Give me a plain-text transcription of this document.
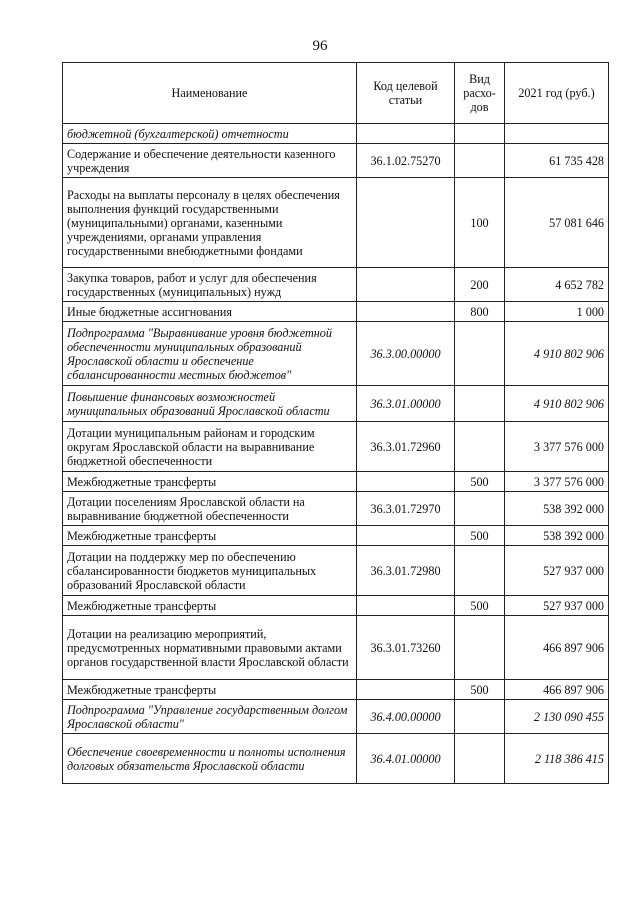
96
Наименование	Код целевой статьи	Вид расхо-дов	2021 год (руб.)
бюджетной (бухгалтерской) отчетности			
Содержание и обеспечение деятельности казенного учреждения	36.1.02.75270		61 735 428
Расходы на выплаты персоналу в целях обеспечения выполнения функций государственными (муниципальными) органами, казенными учреждениями, органами управления государственными внебюджетными фондами		100	57 081 646
Закупка товаров, работ и услуг для обеспечения государственных (муниципальных) нужд		200	4 652 782
Иные бюджетные ассигнования		800	1 000
Подпрограмма "Выравнивание уровня бюджетной обеспеченности муниципальных образований Ярославской области и обеспечение сбалансированности местных бюджетов"	36.3.00.00000		4 910 802 906
Повышение финансовых возможностей муниципальных образований Ярославской области	36.3.01.00000		4 910 802 906
Дотации муниципальным районам и городским округам Ярославской области на выравнивание бюджетной обеспеченности	36.3.01.72960		3 377 576 000
Межбюджетные трансферты		500	3 377 576 000
Дотации поселениям Ярославской области на выравнивание бюджетной обеспеченности	36.3.01.72970		538 392 000
Межбюджетные трансферты		500	538 392 000
Дотации на поддержку мер по обеспечению сбалансированности бюджетов муниципальных образований Ярославской области	36.3.01.72980		527 937 000
Межбюджетные трансферты		500	527 937 000
Дотации на реализацию мероприятий, предусмотренных нормативными правовыми актами органов государственной власти Ярославской области	36.3.01.73260		466 897 906
Межбюджетные трансферты		500	466 897 906
Подпрограмма "Управление государственным долгом Ярославской области"	36.4.00.00000		2 130 090 455
Обеспечение своевременности и полноты исполнения долговых обязательств Ярославской области	36.4.01.00000		2 118 386 415
